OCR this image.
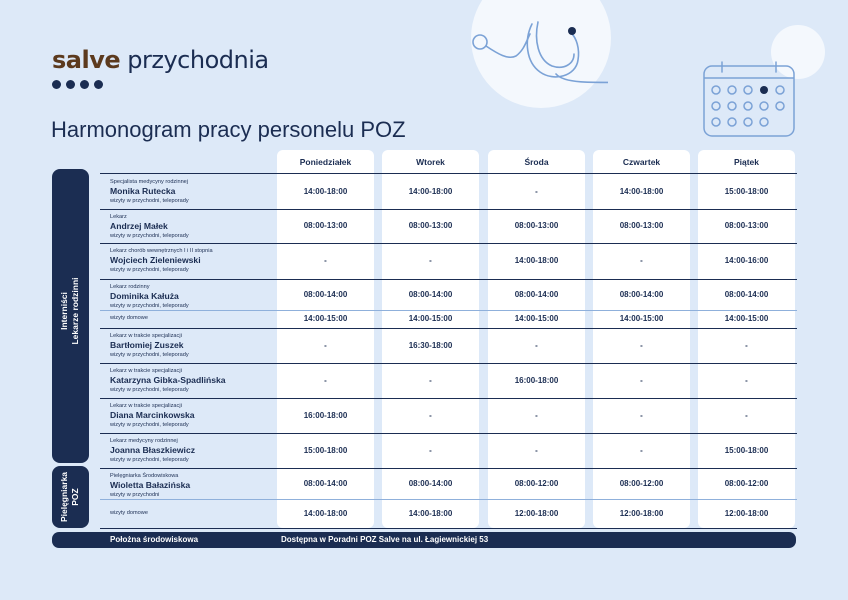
salve przychodnia
Harmonogram pracy personelu POZ
Poniedziałek	Wtorek	Środa	Czwartek	Piątek
Interniści Lekarze rodzinni
Pielęgniarka POZ
Specjalista medycyny rodzinnej
Monika Rutecka
wizyty w przychodni, teleporady
14:00-18:00	14:00-18:00	-	14:00-18:00	15:00-18:00
Lekarz
Andrzej Małek
wizyty w przychodni, teleporady
08:00-13:00	08:00-13:00	08:00-13:00	08:00-13:00	08:00-13:00
Lekarz chorób wewnętrznych I i II stopnia
Wojciech Zieleniewski
wizyty w przychodni, teleporady
-	-	14:00-18:00	-	14:00-16:00
Lekarz rodzinny
Dominika Kałuża
wizyty w przychodni, teleporady
08:00-14:00	08:00-14:00	08:00-14:00	08:00-14:00	08:00-14:00
wizyty domowe	14:00-15:00	14:00-15:00	14:00-15:00	14:00-15:00	14:00-15:00
Lekarz w trakcie specjalizacji
Bartłomiej Zuszek
wizyty w przychodni, teleporady
-	16:30-18:00	-	-	-
Lekarz w trakcie specjalizacji
Katarzyna Gibka-Spadlińska
wizyty w przychodni, teleporady
-	-	16:00-18:00	-	-
Lekarz w trakcie specjalizacji
Diana Marcinkowska
wizyty w przychodni, teleporady
16:00-18:00	-	-	-	-
Lekarz medycyny rodzinnej
Joanna Błaszkiewicz
wizyty w przychodni, teleporady
15:00-18:00	-	-	-	15:00-18:00
Pielęgniarka Środowiskowa
Wioletta Bałazińska
wizyty w przychodni
08:00-14:00	08:00-14:00	08:00-12:00	08:00-12:00	08:00-12:00
wizyty domowe	14:00-18:00	14:00-18:00	12:00-18:00	12:00-18:00	12:00-18:00
Położna środowiskowa	Dostępna w Poradni POZ Salve na ul. Łagiewnickiej 53
